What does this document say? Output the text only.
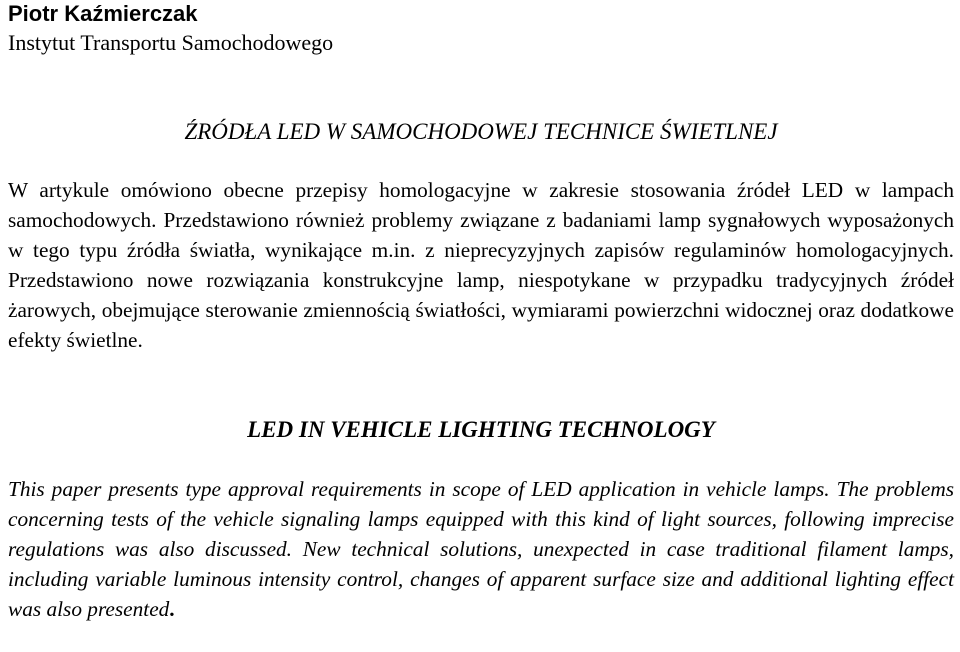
Piotr Kaźmierczak
Instytut Transportu Samochodowego
ŹRÓDŁA LED W SAMOCHODOWEJ TECHNICE ŚWIETLNEJ

W artykule omówiono obecne przepisy homologacyjne w zakresie stosowania źródeł LED w lampach samochodowych. Przedstawiono również problemy związane z badaniami lamp sygnałowych wyposażonych w tego typu źródła światła, wynikające m.in. z nieprecyzyjnych zapisów regulaminów homologacyjnych. Przedstawiono nowe rozwiązania konstrukcyjne lamp, niespotykane w przypadku tradycyjnych źródeł żarowych, obejmujące sterowanie zmiennością światłości, wymiarami powierzchni widocznej oraz dodatkowe efekty świetlne.

LED IN VEHICLE LIGHTING TECHNOLOGY

This paper presents type approval requirements in scope of LED application in vehicle lamps. The problems concerning tests of the vehicle signaling lamps equipped with this kind of light sources, following imprecise regulations was also discussed. New technical solutions, unexpected in case traditional filament lamps, including variable luminous intensity control, changes of apparent surface size and additional lighting effect was also presented.
